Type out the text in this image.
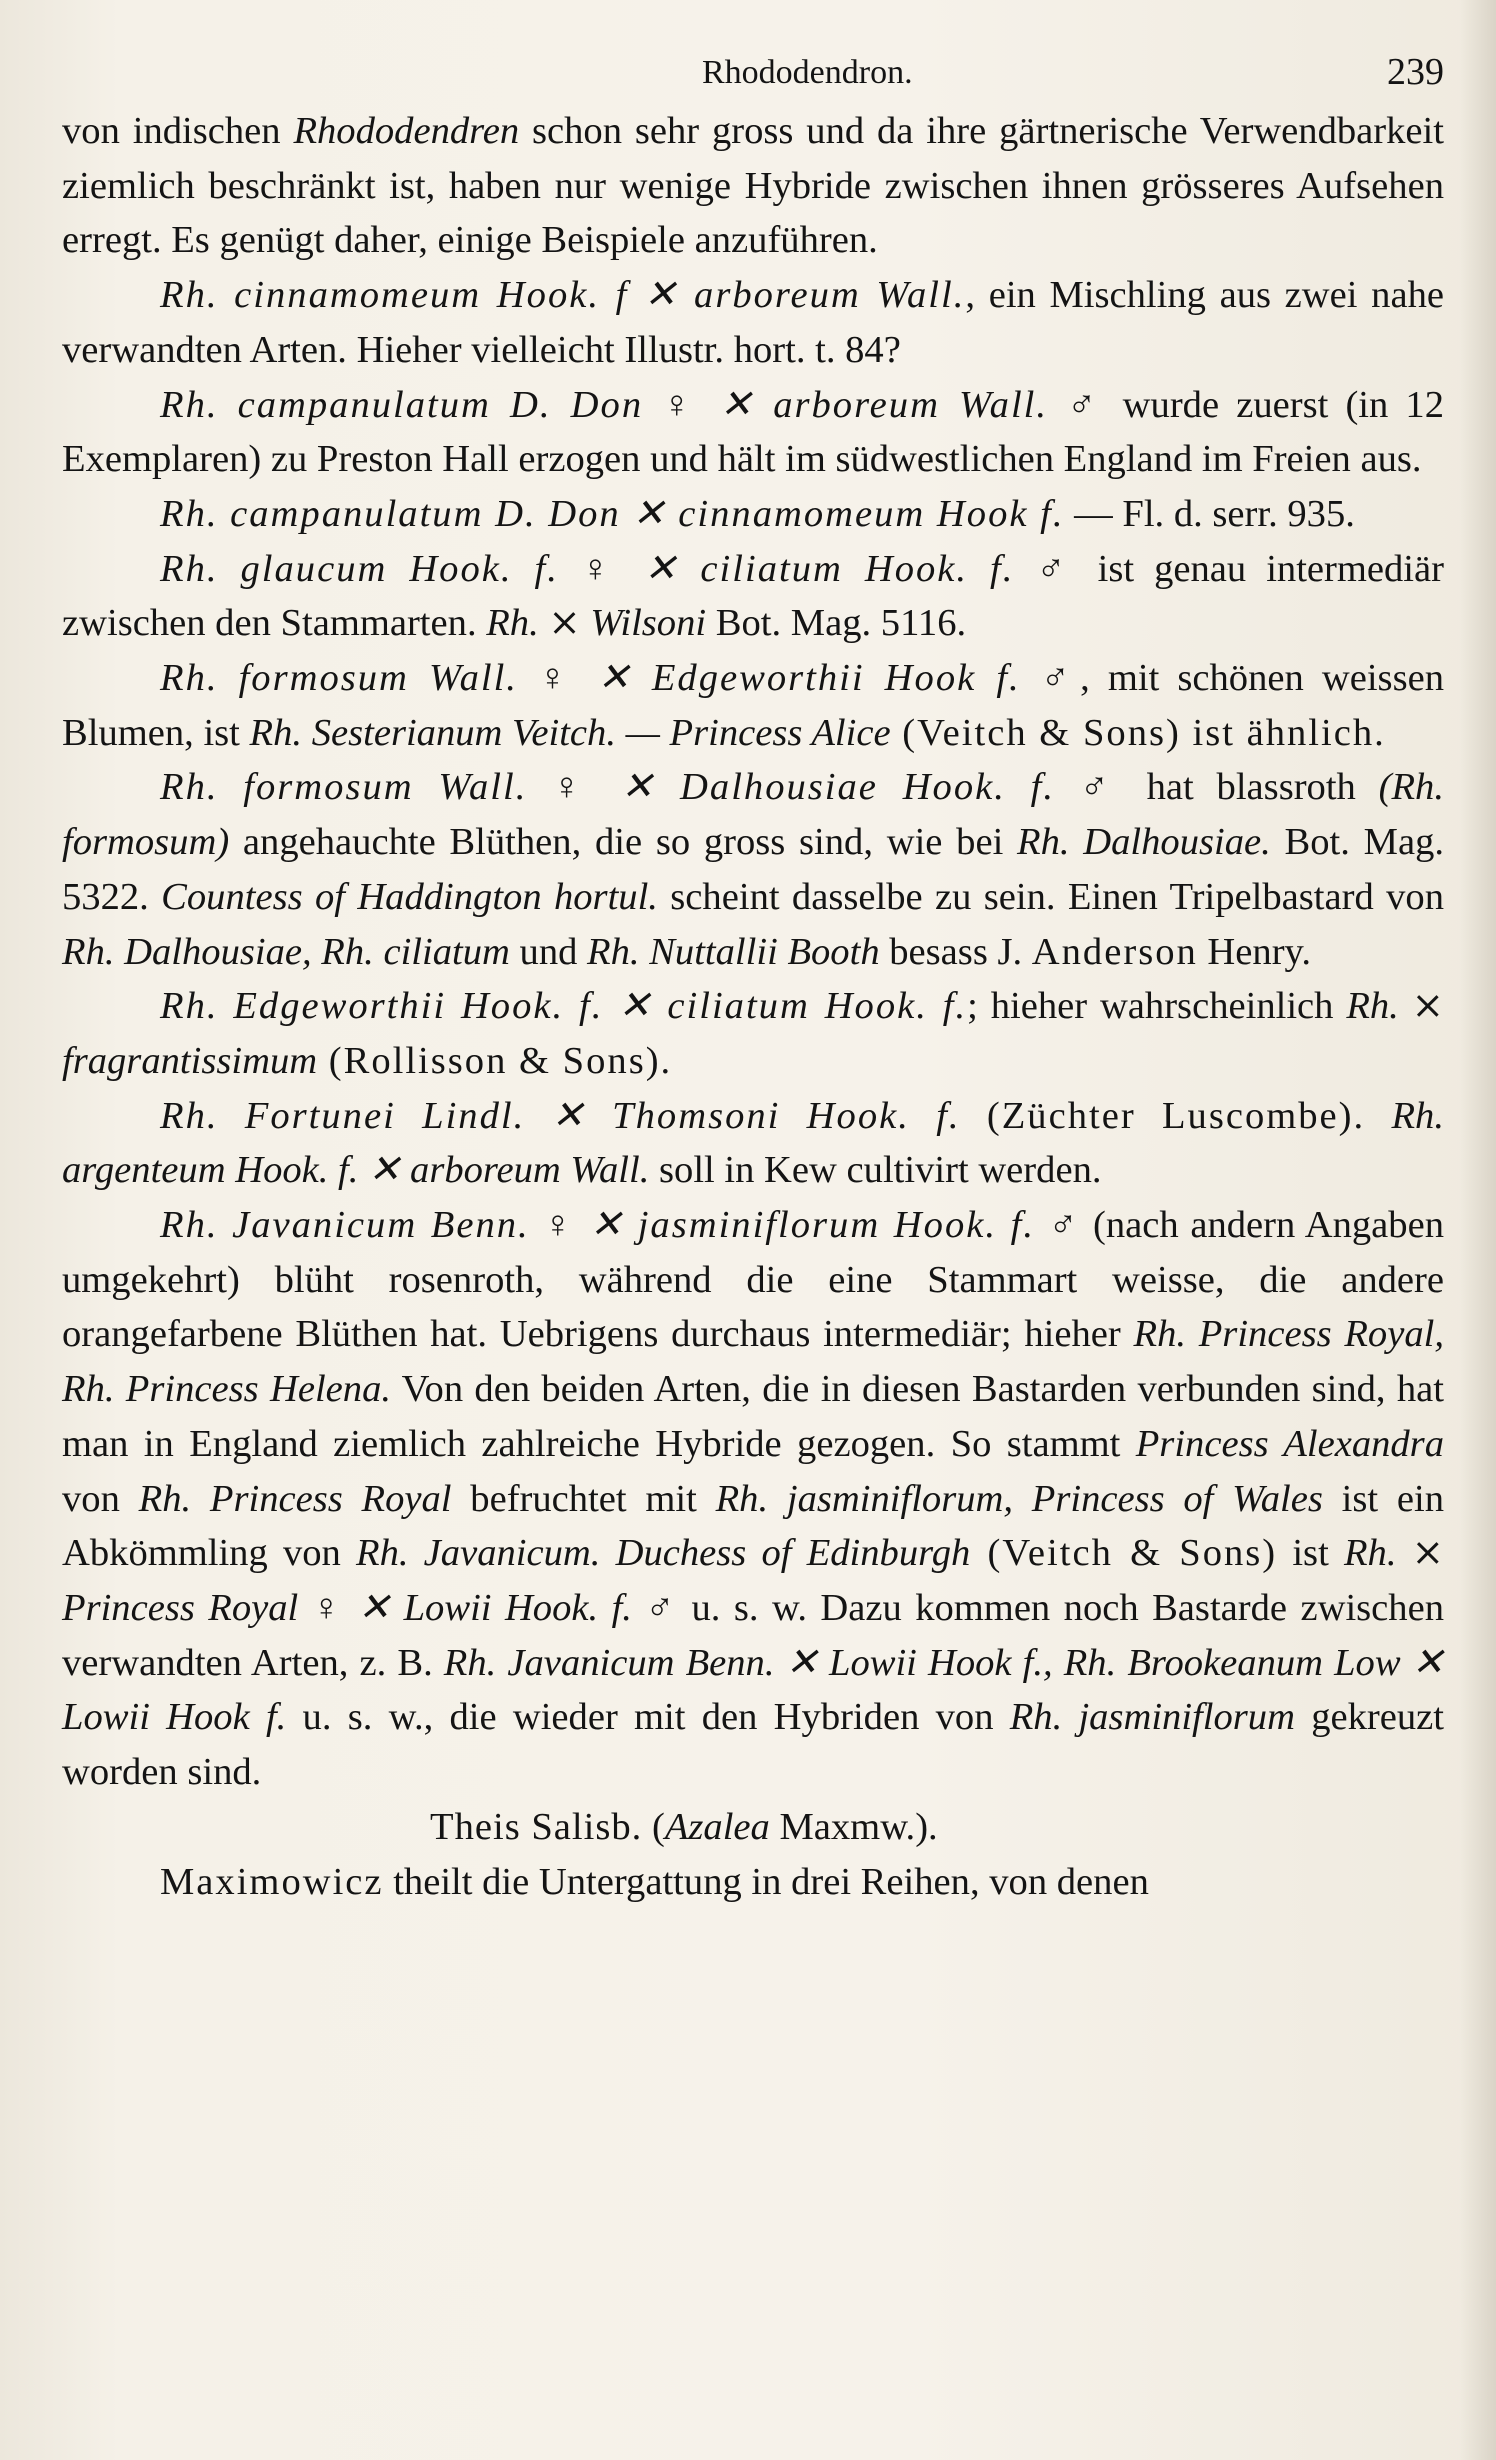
Rhododendron.	239

von indischen Rhododendren schon sehr gross und da ihre gärtnerische Verwendbarkeit ziemlich beschränkt ist, haben nur wenige Hybride zwischen ihnen grösseres Aufsehen erregt. Es genügt daher, einige Beispiele anzuführen.

Rh. cinnamomeum Hook. f ✕ arboreum Wall., ein Mischling aus zwei nahe verwandten Arten. Hieher vielleicht Illustr. hort. t. 84?

Rh. campanulatum D. Don ♀ ✕ arboreum Wall. ♂ wurde zuerst (in 12 Exemplaren) zu Preston Hall erzogen und hält im südwestlichen England im Freien aus.

Rh. campanulatum D. Don ✕ cinnamomeum Hook f. — Fl. d. serr. 935.

Rh. glaucum Hook. f. ♀ ✕ ciliatum Hook. f. ♂ ist genau intermediär zwischen den Stammarten. Rh. ⨯ Wilsoni Bot. Mag. 5116.

Rh. formosum Wall. ♀ ✕ Edgeworthii Hook f. ♂, mit schönen weissen Blumen, ist Rh. Sesterianum Veitch. — Princess Alice (Veitch & Sons) ist ähnlich.

Rh. formosum Wall. ♀ ✕ Dalhousiae Hook. f. ♂ hat blassroth (Rh. formosum) angehauchte Blüthen, die so gross sind, wie bei Rh. Dalhousiae. Bot. Mag. 5322. Countess of Haddington hortul. scheint dasselbe zu sein. Einen Tripelbastard von Rh. Dalhousiae, Rh. ciliatum und Rh. Nuttallii Booth besass J. Anderson Henry.

Rh. Edgeworthii Hook. f. ✕ ciliatum Hook. f.; hieher wahrscheinlich Rh. ⨯ fragrantissimum (Rollisson & Sons).

Rh. Fortunei Lindl. ✕ Thomsoni Hook. f. (Züchter Luscombe). Rh. argenteum Hook. f. ✕ arboreum Wall. soll in Kew cultivirt werden.

Rh. Javanicum Benn. ♀ ✕ jasminiflorum Hook. f. ♂ (nach andern Angaben umgekehrt) blüht rosenroth, während die eine Stammart weisse, die andere orangefarbene Blüthen hat. Uebrigens durchaus intermediär; hieher Rh. Princess Royal, Rh. Princess Helena. Von den beiden Arten, die in diesen Bastarden verbunden sind, hat man in England ziemlich zahlreiche Hybride gezogen. So stammt Princess Alexandra von Rh. Princess Royal befruchtet mit Rh. jasminiflorum, Princess of Wales ist ein Abkömmling von Rh. Javanicum. Duchess of Edinburgh (Veitch & Sons) ist Rh. ⨯ Princess Royal ♀ ✕ Lowii Hook. f. ♂ u. s. w. Dazu kommen noch Bastarde zwischen verwandten Arten, z. B. Rh. Javanicum Benn. ✕ Lowii Hook f., Rh. Brookeanum Low ✕ Lowii Hook f. u. s. w., die wieder mit den Hybriden von Rh. jasminiflorum gekreuzt worden sind.

Theis Salisb. (Azalea Maxmw.).

Maximowicz theilt die Untergattung in drei Reihen, von denen
